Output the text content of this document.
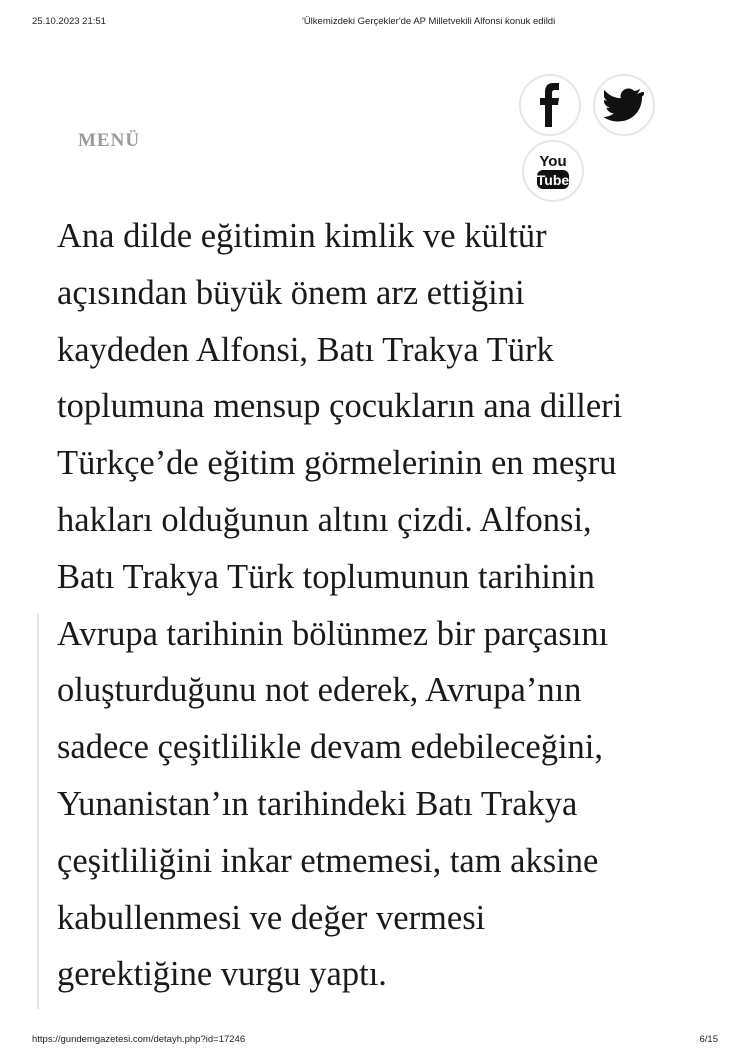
25.10.2023 21:51	'Ülkemizdeki Gerçekler'de AP Milletvekili Alfonsi konuk edildi
MENÜ
You
Tube

Ana dilde eğitimin kimlik ve kültür
açısından büyük önem arz ettiğini
kaydeden Alfonsi, Batı Trakya Türk
toplumuna mensup çocukların ana dilleri
Türkçe’de eğitim görmelerinin en meşru
hakları olduğunun altını çizdi. Alfonsi,
Batı Trakya Türk toplumunun tarihinin
Avrupa tarihinin bölünmez bir parçasını
oluşturduğunu not ederek, Avrupa’nın
sadece çeşitlilikle devam edebileceğini,
Yunanistan’ın tarihindeki Batı Trakya
çeşitliliğini inkar etmemesi, tam aksine
kabullenmesi ve değer vermesi
gerektiğine vurgu yaptı.

https://gundemgazetesi.com/detayh.php?id=17246	6/15
